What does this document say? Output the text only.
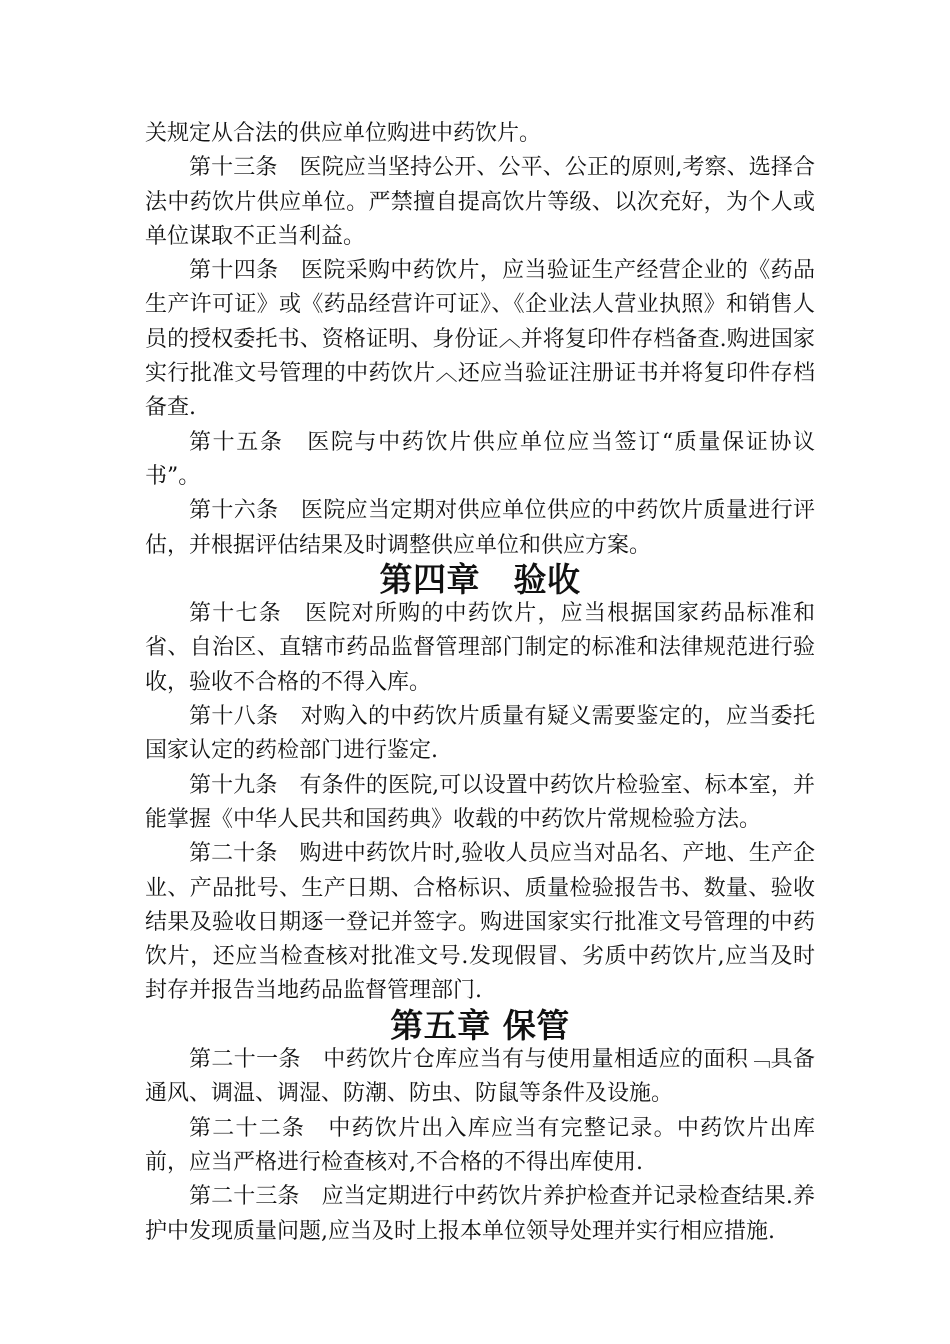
关规定从合法的供应单位购进中药饮片。

第十三条　医院应当坚持公开、公平、公正的原则,考察、选择合法中药饮片供应单位。严禁擅自提高饮片等级、以次充好，为个人或单位谋取不正当利益。

第十四条　医院采购中药饮片，应当验证生产经营企业的《药品生产许可证》或《药品经营许可证》、《企业法人营业执照》和销售人员的授权委托书、资格证明、身份证︿并将复印件存档备查.购进国家实行批准文号管理的中药饮片︿还应当验证注册证书并将复印件存档备查.

第十五条　医院与中药饮片供应单位应当签订“质量保证协议书”。

第十六条　医院应当定期对供应单位供应的中药饮片质量进行评估，并根据评估结果及时调整供应单位和供应方案。

第四章　验收

第十七条　医院对所购的中药饮片，应当根据国家药品标准和省、自治区、直辖市药品监督管理部门制定的标准和法律规范进行验收，验收不合格的不得入库。

第十八条　对购入的中药饮片质量有疑义需要鉴定的，应当委托国家认定的药检部门进行鉴定.

第十九条　有条件的医院,可以设置中药饮片检验室、标本室，并能掌握《中华人民共和国药典》收载的中药饮片常规检验方法。

第二十条　购进中药饮片时,验收人员应当对品名、产地、生产企业、产品批号、生产日期、合格标识、质量检验报告书、数量、验收结果及验收日期逐一登记并签字。购进国家实行批准文号管理的中药饮片，还应当检查核对批准文号.发现假冒、劣质中药饮片,应当及时封存并报告当地药品监督管理部门.

第五章 保管

第二十一条　中药饮片仓库应当有与使用量相适应的面积﹁具备通风、调温、调湿、防潮、防虫、防鼠等条件及设施。

第二十二条　中药饮片出入库应当有完整记录。中药饮片出库前，应当严格进行检查核对,不合格的不得出库使用.

第二十三条　应当定期进行中药饮片养护检查并记录检查结果.养护中发现质量问题,应当及时上报本单位领导处理并实行相应措施.
